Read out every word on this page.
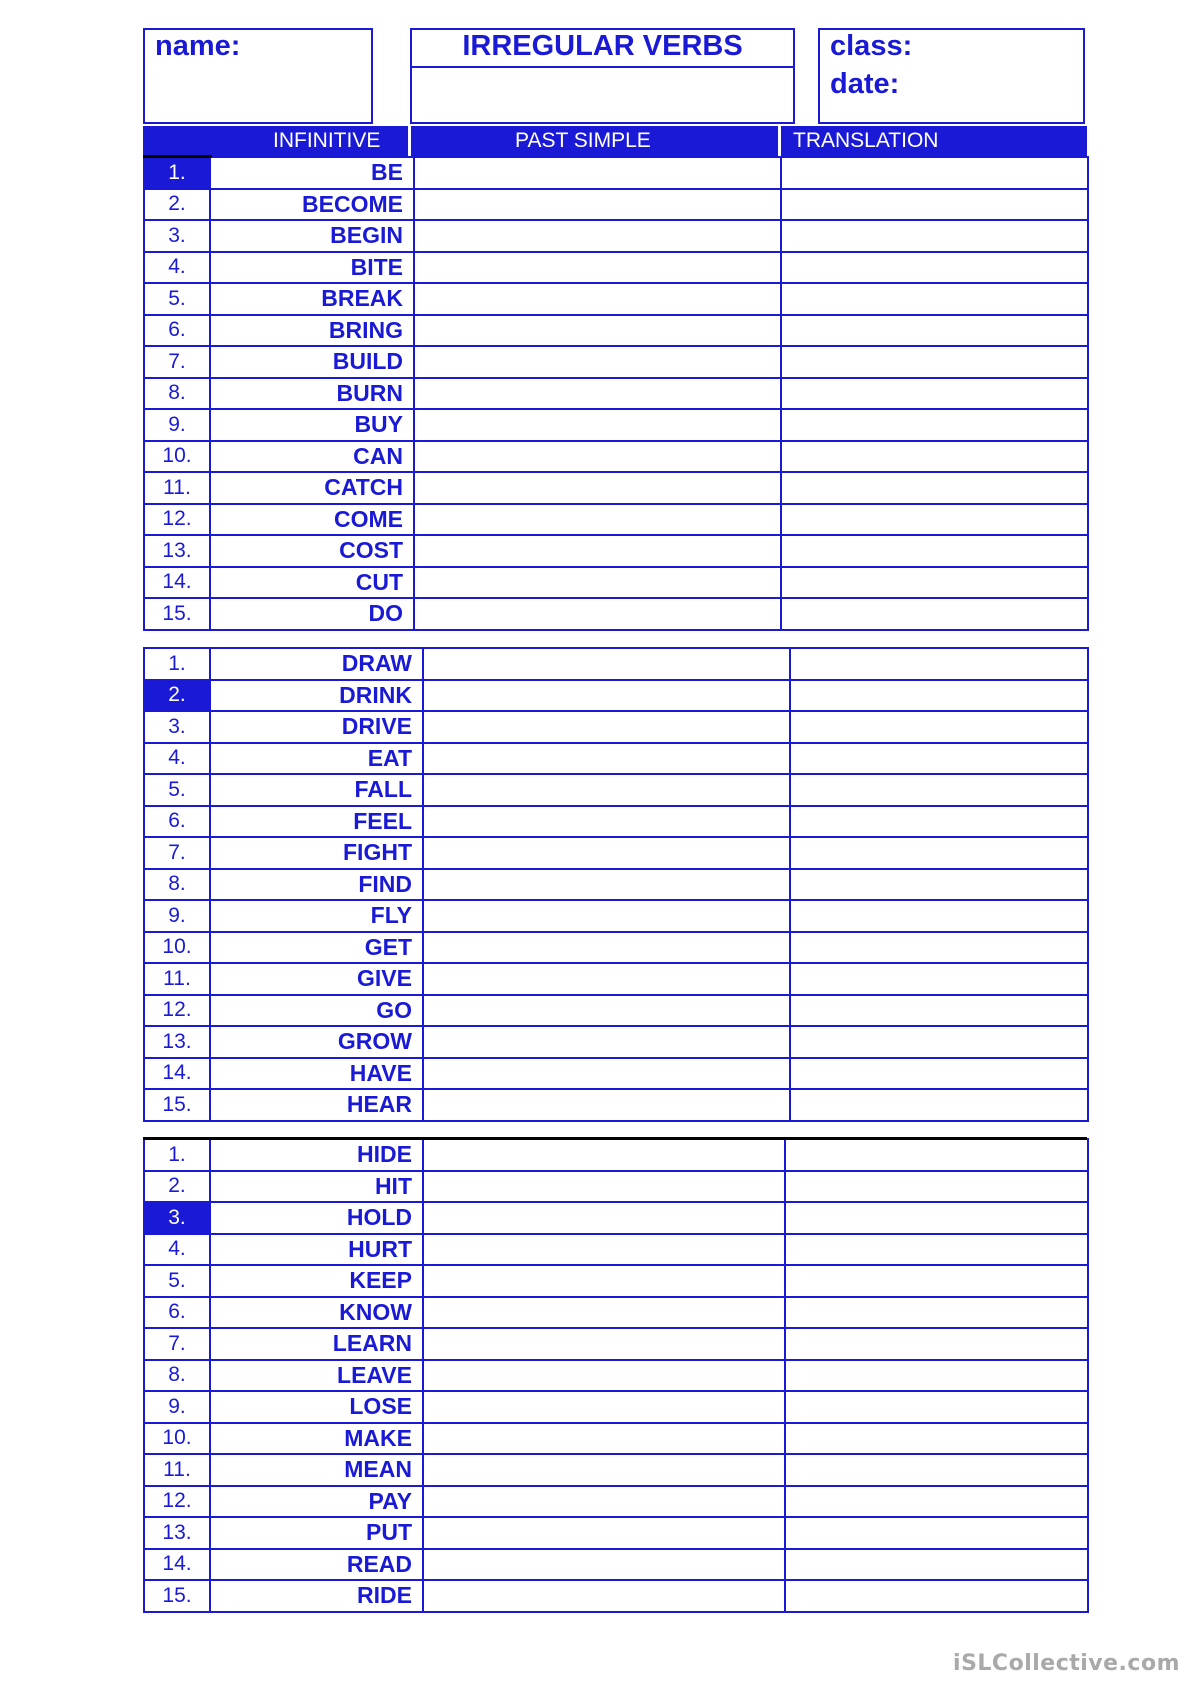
name:	IRREGULAR VERBS	class:
date:
INFINITIVE	PAST SIMPLE	TRANSLATION
1.	BE		
2.	BECOME		
3.	BEGIN		
4.	BITE		
5.	BREAK		
6.	BRING		
7.	BUILD		
8.	BURN		
9.	BUY		
10.	CAN		
11.	CATCH		
12.	COME		
13.	COST		
14.	CUT		
15.	DO		
1.	DRAW		
2.	DRINK		
3.	DRIVE		
4.	EAT		
5.	FALL		
6.	FEEL		
7.	FIGHT		
8.	FIND		
9.	FLY		
10.	GET		
11.	GIVE		
12.	GO		
13.	GROW		
14.	HAVE		
15.	HEAR		
1.	HIDE		
2.	HIT		
3.	HOLD		
4.	HURT		
5.	KEEP		
6.	KNOW		
7.	LEARN		
8.	LEAVE		
9.	LOSE		
10.	MAKE		
11.	MEAN		
12.	PAY		
13.	PUT		
14.	READ		
15.	RIDE		
iSLCollective.com
